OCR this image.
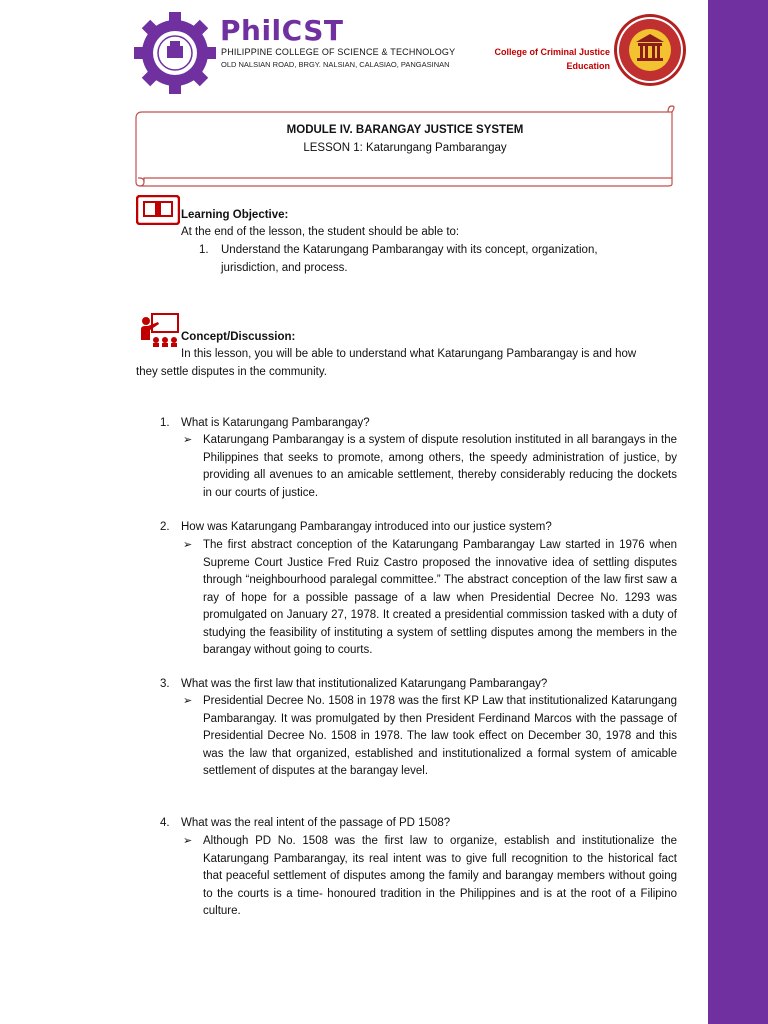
PhilCST
PHILIPPINE COLLEGE OF SCIENCE & TECHNOLOGY
OLD NALSIAN ROAD, BRGY. NALSIAN, CALASIAO, PANGASINAN
College of Criminal Justice
Education
MODULE IV. BARANGAY JUSTICE SYSTEM
LESSON 1: Katarungang Pambarangay
Learning Objective:
At the end of the lesson, the student should be able to:
1. Understand the Katarungang Pambarangay with its concept, organization,
jurisdiction, and process.
Concept/Discussion:
In this lesson, you will be able to understand what Katarungang Pambarangay is and how
they settle disputes in the community.
1. What is Katarungang Pambarangay?
➢ Katarungang Pambarangay is a system of dispute resolution instituted in all barangays in the Philippines that seeks to promote, among others, the speedy administration of justice, by providing all avenues to an amicable settlement, thereby considerably reducing the dockets in our courts of justice.
2. How was Katarungang Pambarangay introduced into our justice system?
➢ The first abstract conception of the Katarungang Pambarangay Law started in 1976 when Supreme Court Justice Fred Ruiz Castro proposed the innovative idea of settling disputes through “neighbourhood paralegal committee.” The abstract conception of the law first saw a ray of hope for a possible passage of a law when Presidential Decree No. 1293 was promulgated on January 27, 1978. It created a presidential commission tasked with a duty of studying the feasibility of instituting a system of settling disputes among the members in the barangay without going to courts.
3. What was the first law that institutionalized Katarungang Pambarangay?
➢ Presidential Decree No. 1508 in 1978 was the first KP Law that institutionalized Katarungang Pambarangay. It was promulgated by then President Ferdinand Marcos with the passage of Presidential Decree No. 1508 in 1978. The law took effect on December 30, 1978 and this was the law that organized, established and institutionalized a formal system of amicable settlement of disputes at the barangay level.
4. What was the real intent of the passage of PD 1508?
➢ Although PD No. 1508 was the first law to organize, establish and institutionalize the Katarungang Pambarangay, its real intent was to give full recognition to the historical fact that peaceful settlement of disputes among the family and barangay members without going to the courts is a time- honoured tradition in the Philippines and is at the root of a Filipino culture.
